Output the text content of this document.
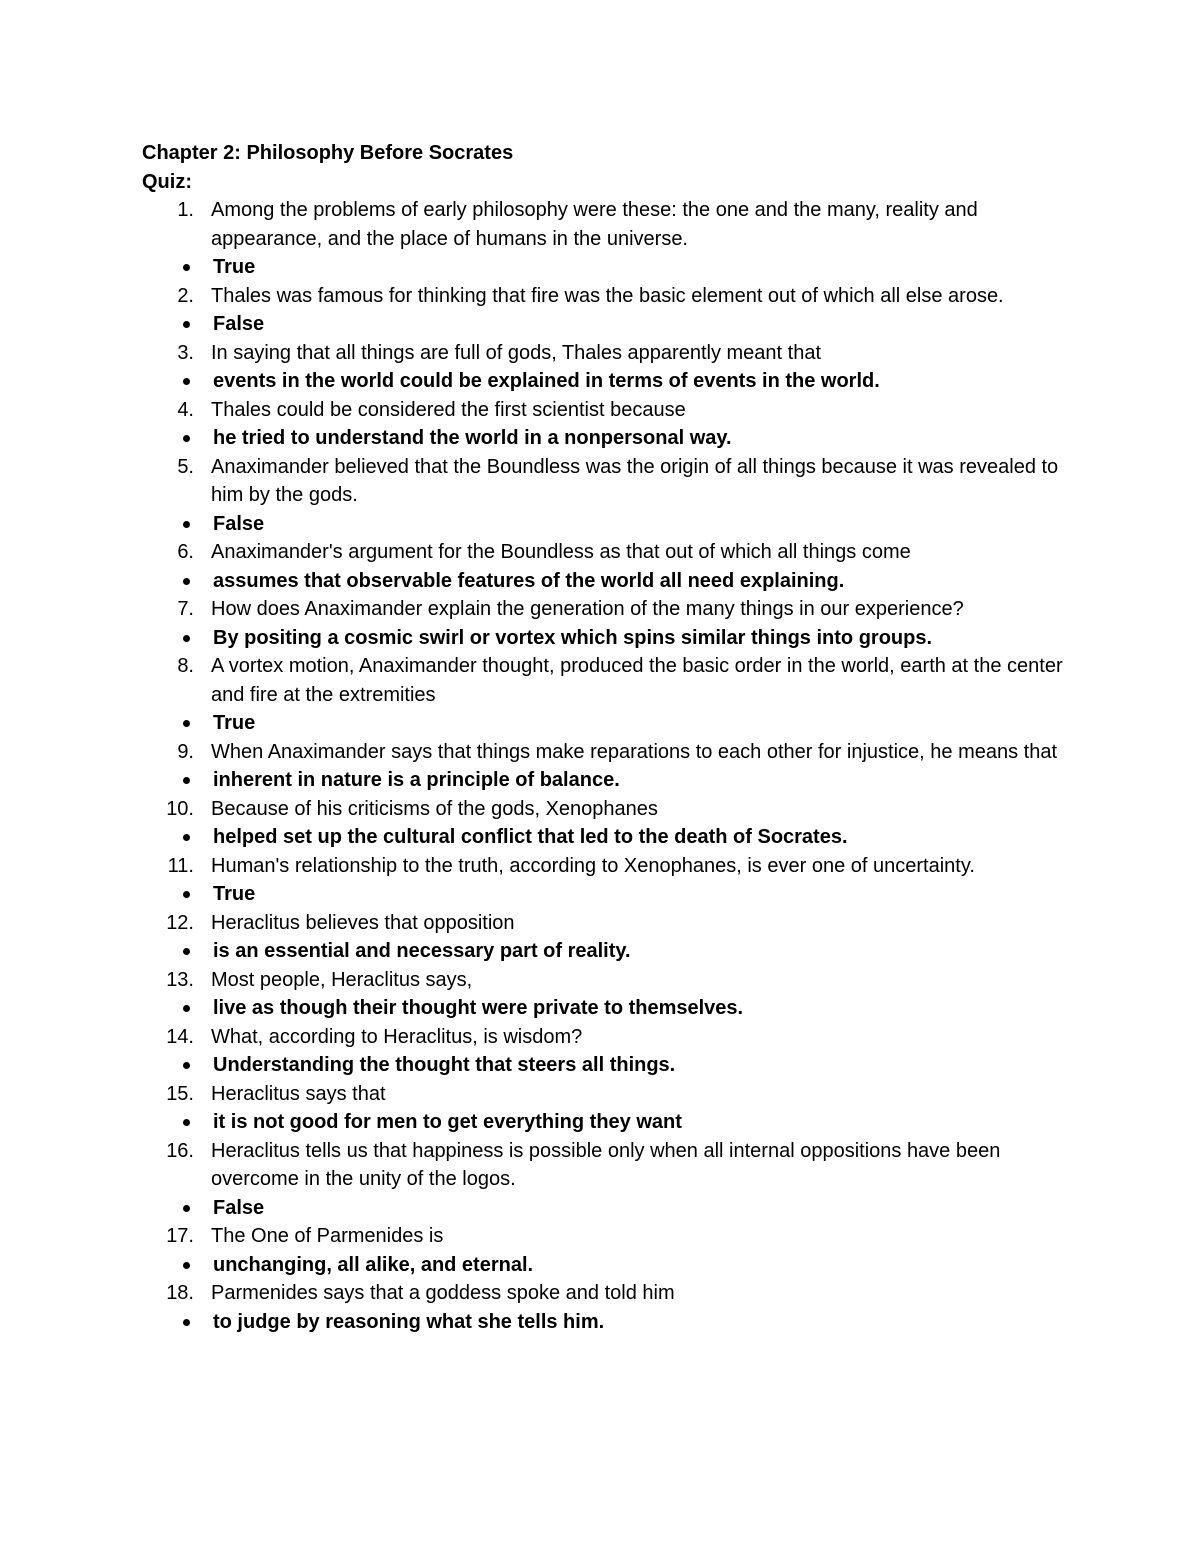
Chapter 2: Philosophy Before Socrates
Quiz:
1. Among the problems of early philosophy were these: the one and the many, reality and appearance, and the place of humans in the universe.
True
2. Thales was famous for thinking that fire was the basic element out of which all else arose.
False
3. In saying that all things are full of gods, Thales apparently meant that
events in the world could be explained in terms of events in the world.
4. Thales could be considered the first scientist because
he tried to understand the world in a nonpersonal way.
5. Anaximander believed that the Boundless was the origin of all things because it was revealed to him by the gods.
False
6. Anaximander's argument for the Boundless as that out of which all things come
assumes that observable features of the world all need explaining.
7. How does Anaximander explain the generation of the many things in our experience?
By positing a cosmic swirl or vortex which spins similar things into groups.
8. A vortex motion, Anaximander thought, produced the basic order in the world, earth at the center and fire at the extremities
True
9. When Anaximander says that things make reparations to each other for injustice, he means that
inherent in nature is a principle of balance.
10. Because of his criticisms of the gods, Xenophanes
helped set up the cultural conflict that led to the death of Socrates.
11. Human's relationship to the truth, according to Xenophanes, is ever one of uncertainty.
True
12. Heraclitus believes that opposition
is an essential and necessary part of reality.
13. Most people, Heraclitus says,
live as though their thought were private to themselves.
14. What, according to Heraclitus, is wisdom?
Understanding the thought that steers all things.
15. Heraclitus says that
it is not good for men to get everything they want
16. Heraclitus tells us that happiness is possible only when all internal oppositions have been overcome in the unity of the logos.
False
17. The One of Parmenides is
unchanging, all alike, and eternal.
18. Parmenides says that a goddess spoke and told him
to judge by reasoning what she tells him.
